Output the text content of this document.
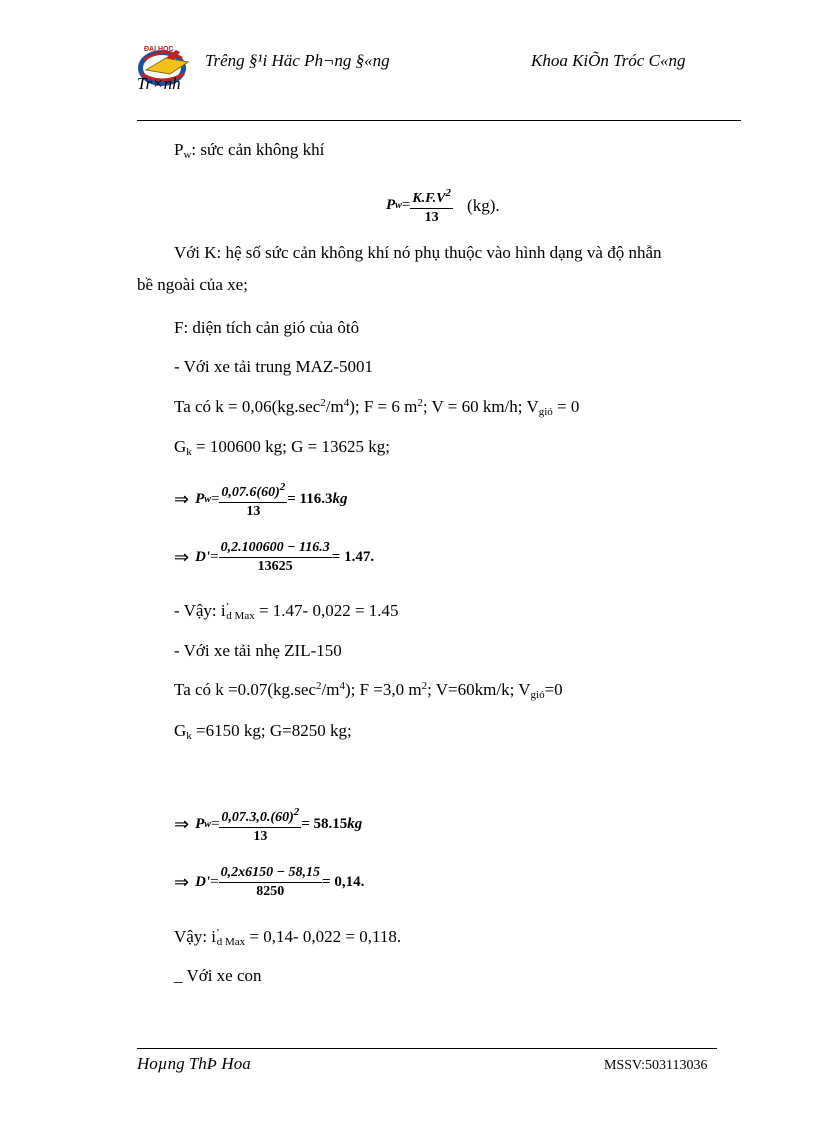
ĐẠI HỌC
Trêng §¹i Häc Ph¬ng §«ng	Khoa KiÕn Tróc C«ng
Tr×nh
$P_w$: sức cản không khí
P $w = \frac{K.F.V^2}{13} (kg)$.
Với K: hệ số sức cản không khí nó phụ thuộc vào hình dạng và độ nhẫn
bề ngoài của xe;
F: diện tích cản gió của ôtô
- Với xe tải trung MAZ-5001
Ta có $k = 0,06(kg.\sec^2/m^4)$; F = 6 $m^2$; V = 60 km/h; $V_{gió} = 0$
$G_k = 100600$ kg; G = 13625 kg;
⇒ P $w = \frac{0,07.6(60)^2}{13} = 116.3$ kg
⇒ $D' = \frac{0,2.100600 - 116.3}{13625} = 1.47$.
- Vậy: $i^’_{d Max} = 1.47-$ 0,022 = 1.45
- Với xe tải nhẹ ZIL-150
Ta có $k =0.07(kg.\sec^2/m^4)$; F =3,0 $m^2$; V=60km/k; $V_{gió}=0$
$G_k =6150$ kg; G=8250 kg;
⇒ P $w = \frac{0,07.3,0.(60)^2}{13} = 58.15$ kg
⇒ $D' = \frac{0,2x6150 - 58,15}{8250} = 0,14$.
Vậy: $i^’_{d Max} = 0,14-$ 0,022 = 0,118.
_ Với xe con
Hoµng ThÞ Hoa	MSSV:503113036
